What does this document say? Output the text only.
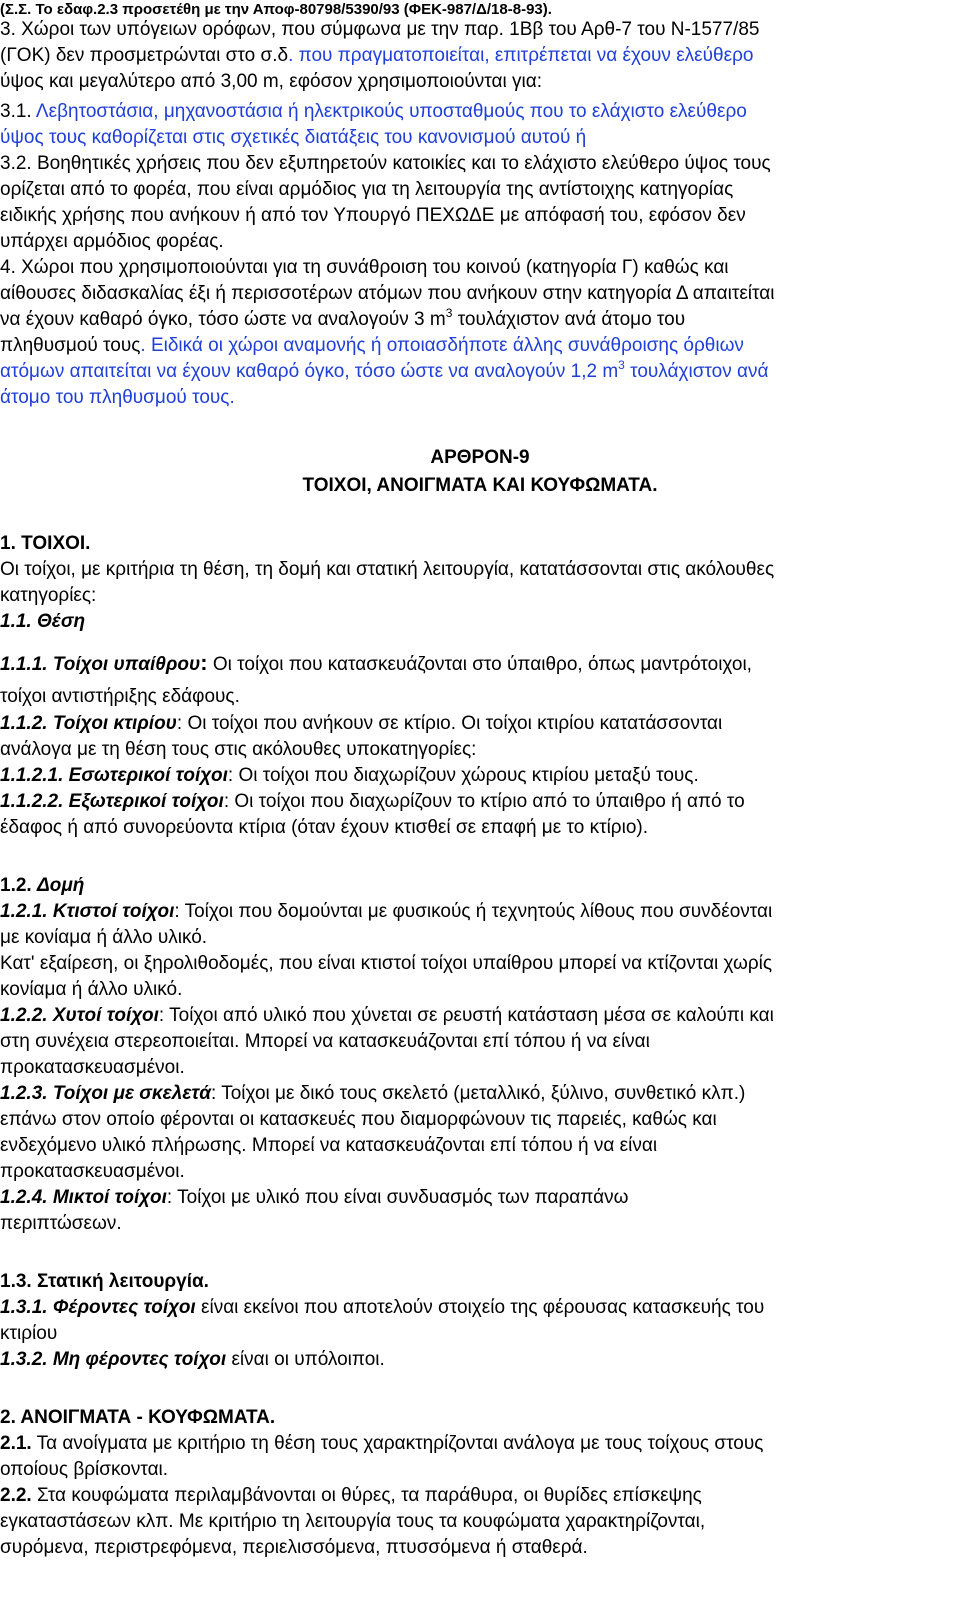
(Σ.Σ. Το εδαφ.2.3 προσετέθη με την Αποφ-80798/5390/93 (ΦΕΚ-987/Δ/18-8-93).
3. Χώροι των υπόγειων ορόφων, που σύμφωνα με την παρ. 1Ββ του Αρθ-7 του Ν-1577/85
(ΓΟΚ) δεν προσμετρώνται στο σ.δ. που πραγματοποιείται, επιτρέπεται να έχουν ελεύθερο
ύψος και μεγαλύτερο από 3,00 m, εφόσον χρησιμοποιούνται για:
3.1. Λεβητοστάσια, μηχανοστάσια ή ηλεκτρικούς υποσταθμούς που το ελάχιστο ελεύθερο
ύψος τους καθορίζεται στις σχετικές διατάξεις του κανονισμού αυτού ή
3.2. Βοηθητικές χρήσεις που δεν εξυπηρετούν κατοικίες και το ελάχιστο ελεύθερο ύψος τους
ορίζεται από το φορέα, που είναι αρμόδιος για τη λειτουργία της αντίστοιχης κατηγορίας
ειδικής χρήσης που ανήκουν ή από τον Υπουργό ΠΕΧΩΔΕ με απόφασή του, εφόσον δεν
υπάρχει αρμόδιος φορέας.
4. Χώροι που χρησιμοποιούνται για τη συνάθροιση του κοινού (κατηγορία Γ) καθώς και
αίθουσες διδασκαλίας έξι ή περισσοτέρων ατόμων που ανήκουν στην κατηγορία Δ απαιτείται
να έχουν καθαρό όγκο, τόσο ώστε να αναλογούν 3 $m^3$ τουλάχιστον ανά άτομο του
πληθυσμού τους. Ειδικά οι χώροι αναμονής ή οποιασδήποτε άλλης συνάθροισης όρθιων
ατόμων απαιτείται να έχουν καθαρό όγκο, τόσο ώστε να αναλογούν 1,2 $m^3$ τουλάχιστον ανά
άτομο του πληθυσμού τους.
ΑΡΘΡΟΝ-9
ΤΟΙΧΟΙ, ΑΝΟΙΓΜΑΤΑ ΚΑΙ ΚΟΥΦΩΜΑΤΑ.
1. ΤΟΙΧΟΙ.
Οι τοίχοι, με κριτήρια τη θέση, τη δομή και στατική λειτουργία, κατατάσσονται στις ακόλουθες
κατηγορίες:
1.1. Θέση
1.1.1. Τοίχοι υπαίθρου: Οι τοίχοι που κατασκευάζονται στο ύπαιθρο, όπως μαντρότοιχοι,
τοίχοι αντιστήριξης εδάφους.
1.1.2. Τοίχοι κτιρίου: Οι τοίχοι που ανήκουν σε κτίριο. Οι τοίχοι κτιρίου κατατάσσονται
ανάλογα με τη θέση τους στις ακόλουθες υποκατηγορίες:
1.1.2.1. Εσωτερικοί τοίχοι: Οι τοίχοι που διαχωρίζουν χώρους κτιρίου μεταξύ τους.
1.1.2.2. Εξωτερικοί τοίχοι: Οι τοίχοι που διαχωρίζουν το κτίριο από το ύπαιθρο ή από το
έδαφος ή από συνορεύοντα κτίρια (όταν έχουν κτισθεί σε επαφή με το κτίριο).
1.2. Δομή
1.2.1. Κτιστοί τοίχοι: Τοίχοι που δομούνται με φυσικούς ή τεχνητούς λίθους που συνδέονται
με κονίαμα ή άλλο υλικό.
Κατ' εξαίρεση, οι ξηρολιθοδομές, που είναι κτιστοί τοίχοι υπαίθρου μπορεί να κτίζονται χωρίς
κονίαμα ή άλλο υλικό.
1.2.2. Χυτοί τοίχοι: Τοίχοι από υλικό που χύνεται σε ρευστή κατάσταση μέσα σε καλούπι και
στη συνέχεια στερεοποιείται. Μπορεί να κατασκευάζονται επί τόπου ή να είναι
προκατασκευασμένοι.
1.2.3. Τοίχοι με σκελετά: Τοίχοι με δικό τους σκελετό (μεταλλικό, ξύλινο, συνθετικό κλπ.)
επάνω στον οποίο φέρονται οι κατασκευές που διαμορφώνουν τις παρειές, καθώς και
ενδεχόμενο υλικό πλήρωσης. Μπορεί να κατασκευάζονται επί τόπου ή να είναι
προκατασκευασμένοι.
1.2.4. Μικτοί τοίχοι: Τοίχοι με υλικό που είναι συνδυασμός των παραπάνω
περιπτώσεων.
1.3. Στατική λειτουργία.
1.3.1. Φέροντες τοίχοι είναι εκείνοι που αποτελούν στοιχείο της φέρουσας κατασκευής του
κτιρίου
1.3.2. Μη φέροντες τοίχοι είναι οι υπόλοιποι.
2. ΑΝΟΙΓΜΑΤΑ - ΚΟΥΦΩΜΑΤΑ.
2.1. Τα ανοίγματα με κριτήριο τη θέση τους χαρακτηρίζονται ανάλογα με τους τοίχους στους
οποίους βρίσκονται.
2.2. Στα κουφώματα περιλαμβάνονται οι θύρες, τα παράθυρα, οι θυρίδες επίσκεψης
εγκαταστάσεων κλπ. Με κριτήριο τη λειτουργία τους τα κουφώματα χαρακτηρίζονται,
συρόμενα, περιστρεφόμενα, περιελισσόμενα, πτυσσόμενα ή σταθερά.
